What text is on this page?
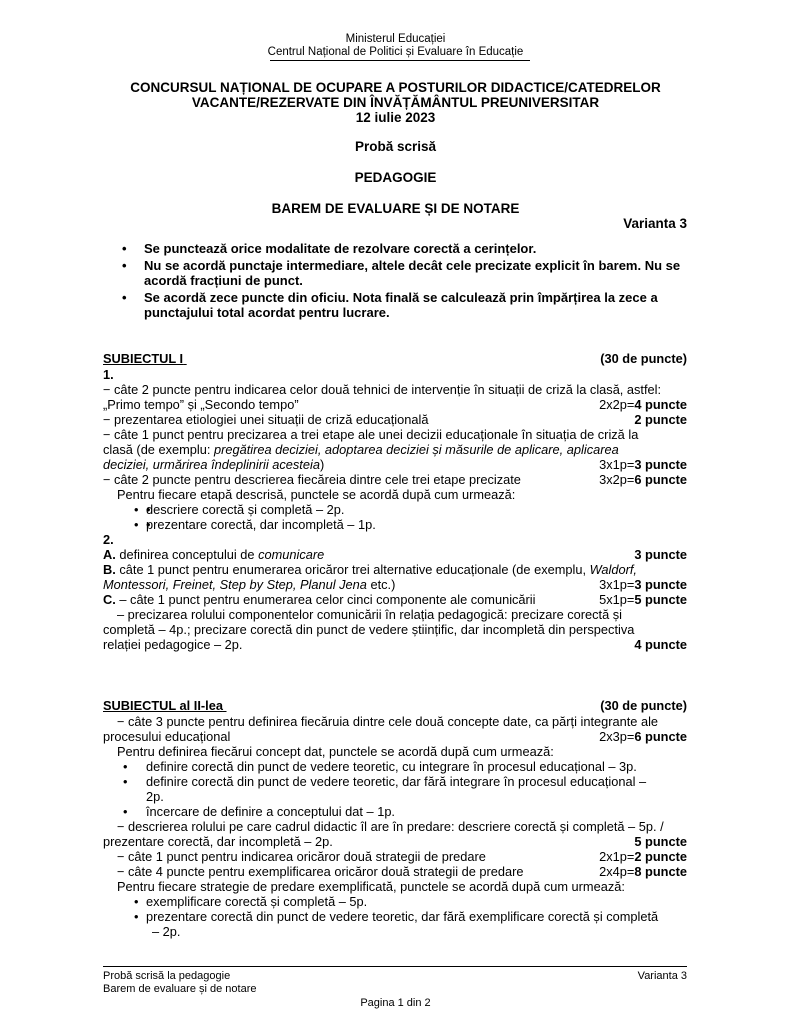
Ministerul Educației
Centrul Național de Politici și Evaluare în Educație
CONCURSUL NAȚIONAL DE OCUPARE A POSTURILOR DIDACTICE/CATEDRELOR
VACANTE/REZERVATE DIN ÎNVĂȚĂMÂNTUL PREUNIVERSITAR
12 iulie 2023
Probă scrisă
PEDAGOGIE
BAREM DE EVALUARE ȘI DE NOTARE
Varianta 3
• Se punctează orice modalitate de rezolvare corectă a cerințelor.
• Nu se acordă punctaje intermediare, altele decât cele precizate explicit în barem. Nu se acordă fracțiuni de punct.
• Se acordă zece puncte din oficiu. Nota finală se calculează prin împărțirea la zece a punctajului total acordat pentru lucrare.
SUBIECTUL I	(30 de puncte)
1.
− câte 2 puncte pentru indicarea celor două tehnici de intervenție în situații de criză la clasă, astfel:
„Primo tempo” și „Secondo tempo”	2x2p=4 puncte
− prezentarea etiologiei unei situații de criză educațională	2 puncte
− câte 1 punct pentru precizarea a trei etape ale unei decizii educaționale în situația de criză la
clasă (de exemplu: pregătirea deciziei, adoptarea deciziei și măsurile de aplicare, aplicarea
deciziei, urmărirea îndeplinirii acesteia)	3x1p=3 puncte
− câte 2 puncte pentru descrierea fiecăreia dintre cele trei etape precizate	3x2p=6 puncte
Pentru fiecare etapă descrisă, punctele se acordă după cum urmează:
• • descriere corectă și completă – 2p.
• • prezentare corectă, dar incompletă – 1p.
2.
A. definirea conceptului de comunicare	3 puncte
B. câte 1 punct pentru enumerarea oricăror trei alternative educaționale (de exemplu, Waldorf,
Montessori, Freinet, Step by Step, Planul Jena etc.)	3x1p=3 puncte
C. – câte 1 punct pentru enumerarea celor cinci componente ale comunicării	5x1p=5 puncte
– precizarea rolului componentelor comunicării în relația pedagogică: precizare corectă și
completă – 4p.; precizare corectă din punct de vedere științific, dar incompletă din perspectiva
relației pedagogice – 2p.	4 puncte
SUBIECTUL al II-lea	(30 de puncte)
− câte 3 puncte pentru definirea fiecăruia dintre cele două concepte date, ca părți integrante ale
procesului educațional	2x3p=6 puncte
Pentru definirea fiecărui concept dat, punctele se acordă după cum urmează:
• definire corectă din punct de vedere teoretic, cu integrare în procesul educațional – 3p.
• definire corectă din punct de vedere teoretic, dar fără integrare în procesul educațional –
2p.
• încercare de definire a conceptului dat – 1p.
− descrierea rolului pe care cadrul didactic îl are în predare: descriere corectă și completă – 5p. /
prezentare corectă, dar incompletă – 2p.	5 puncte
− câte 1 punct pentru indicarea oricăror două strategii de predare	2x1p=2 puncte
− câte 4 puncte pentru exemplificarea oricăror două strategii de predare	2x4p=8 puncte
Pentru fiecare strategie de predare exemplificată, punctele se acordă după cum urmează:
• exemplificare corectă și completă – 5p.
• prezentare corectă din punct de vedere teoretic, dar fără exemplificare corectă și completă
– 2p.
Probă scrisă la pedagogie
Barem de evaluare și de notare
Varianta 3
Pagina 1 din 2
